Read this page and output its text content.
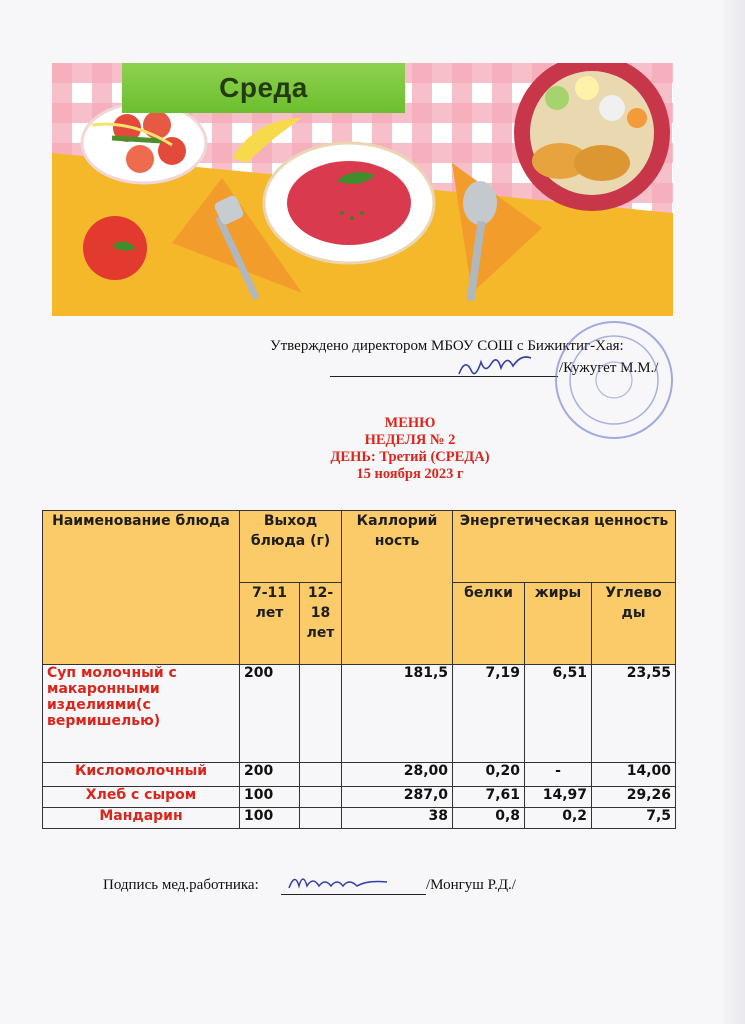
Среда
Утверждено директором МБОУ СОШ с Бижиктиг-Хая:
/Кужугет М.М./
МЕНЮ
НЕДЕЛЯ № 2
ДЕНЬ: Третий (СРЕДА)
15 ноября 2023 г
Наименование блюда	Выход блюда (г)		Каллорий ность	Энергетическая ценность		
	7-11 лет	12-18 лет		белки	жиры	Углево ды
Суп молочный с макаронными изделиями(с вермишелью)	200		181,5	7,19	6,51	23,55
Кисломолочный	200		28,00	0,20	-	14,00
Хлеб с сыром	100		287,0	7,61	14,97	29,26
Мандарин	100		38	0,8	0,2	7,5
Подпись мед.работника:	/Монгуш Р.Д./
